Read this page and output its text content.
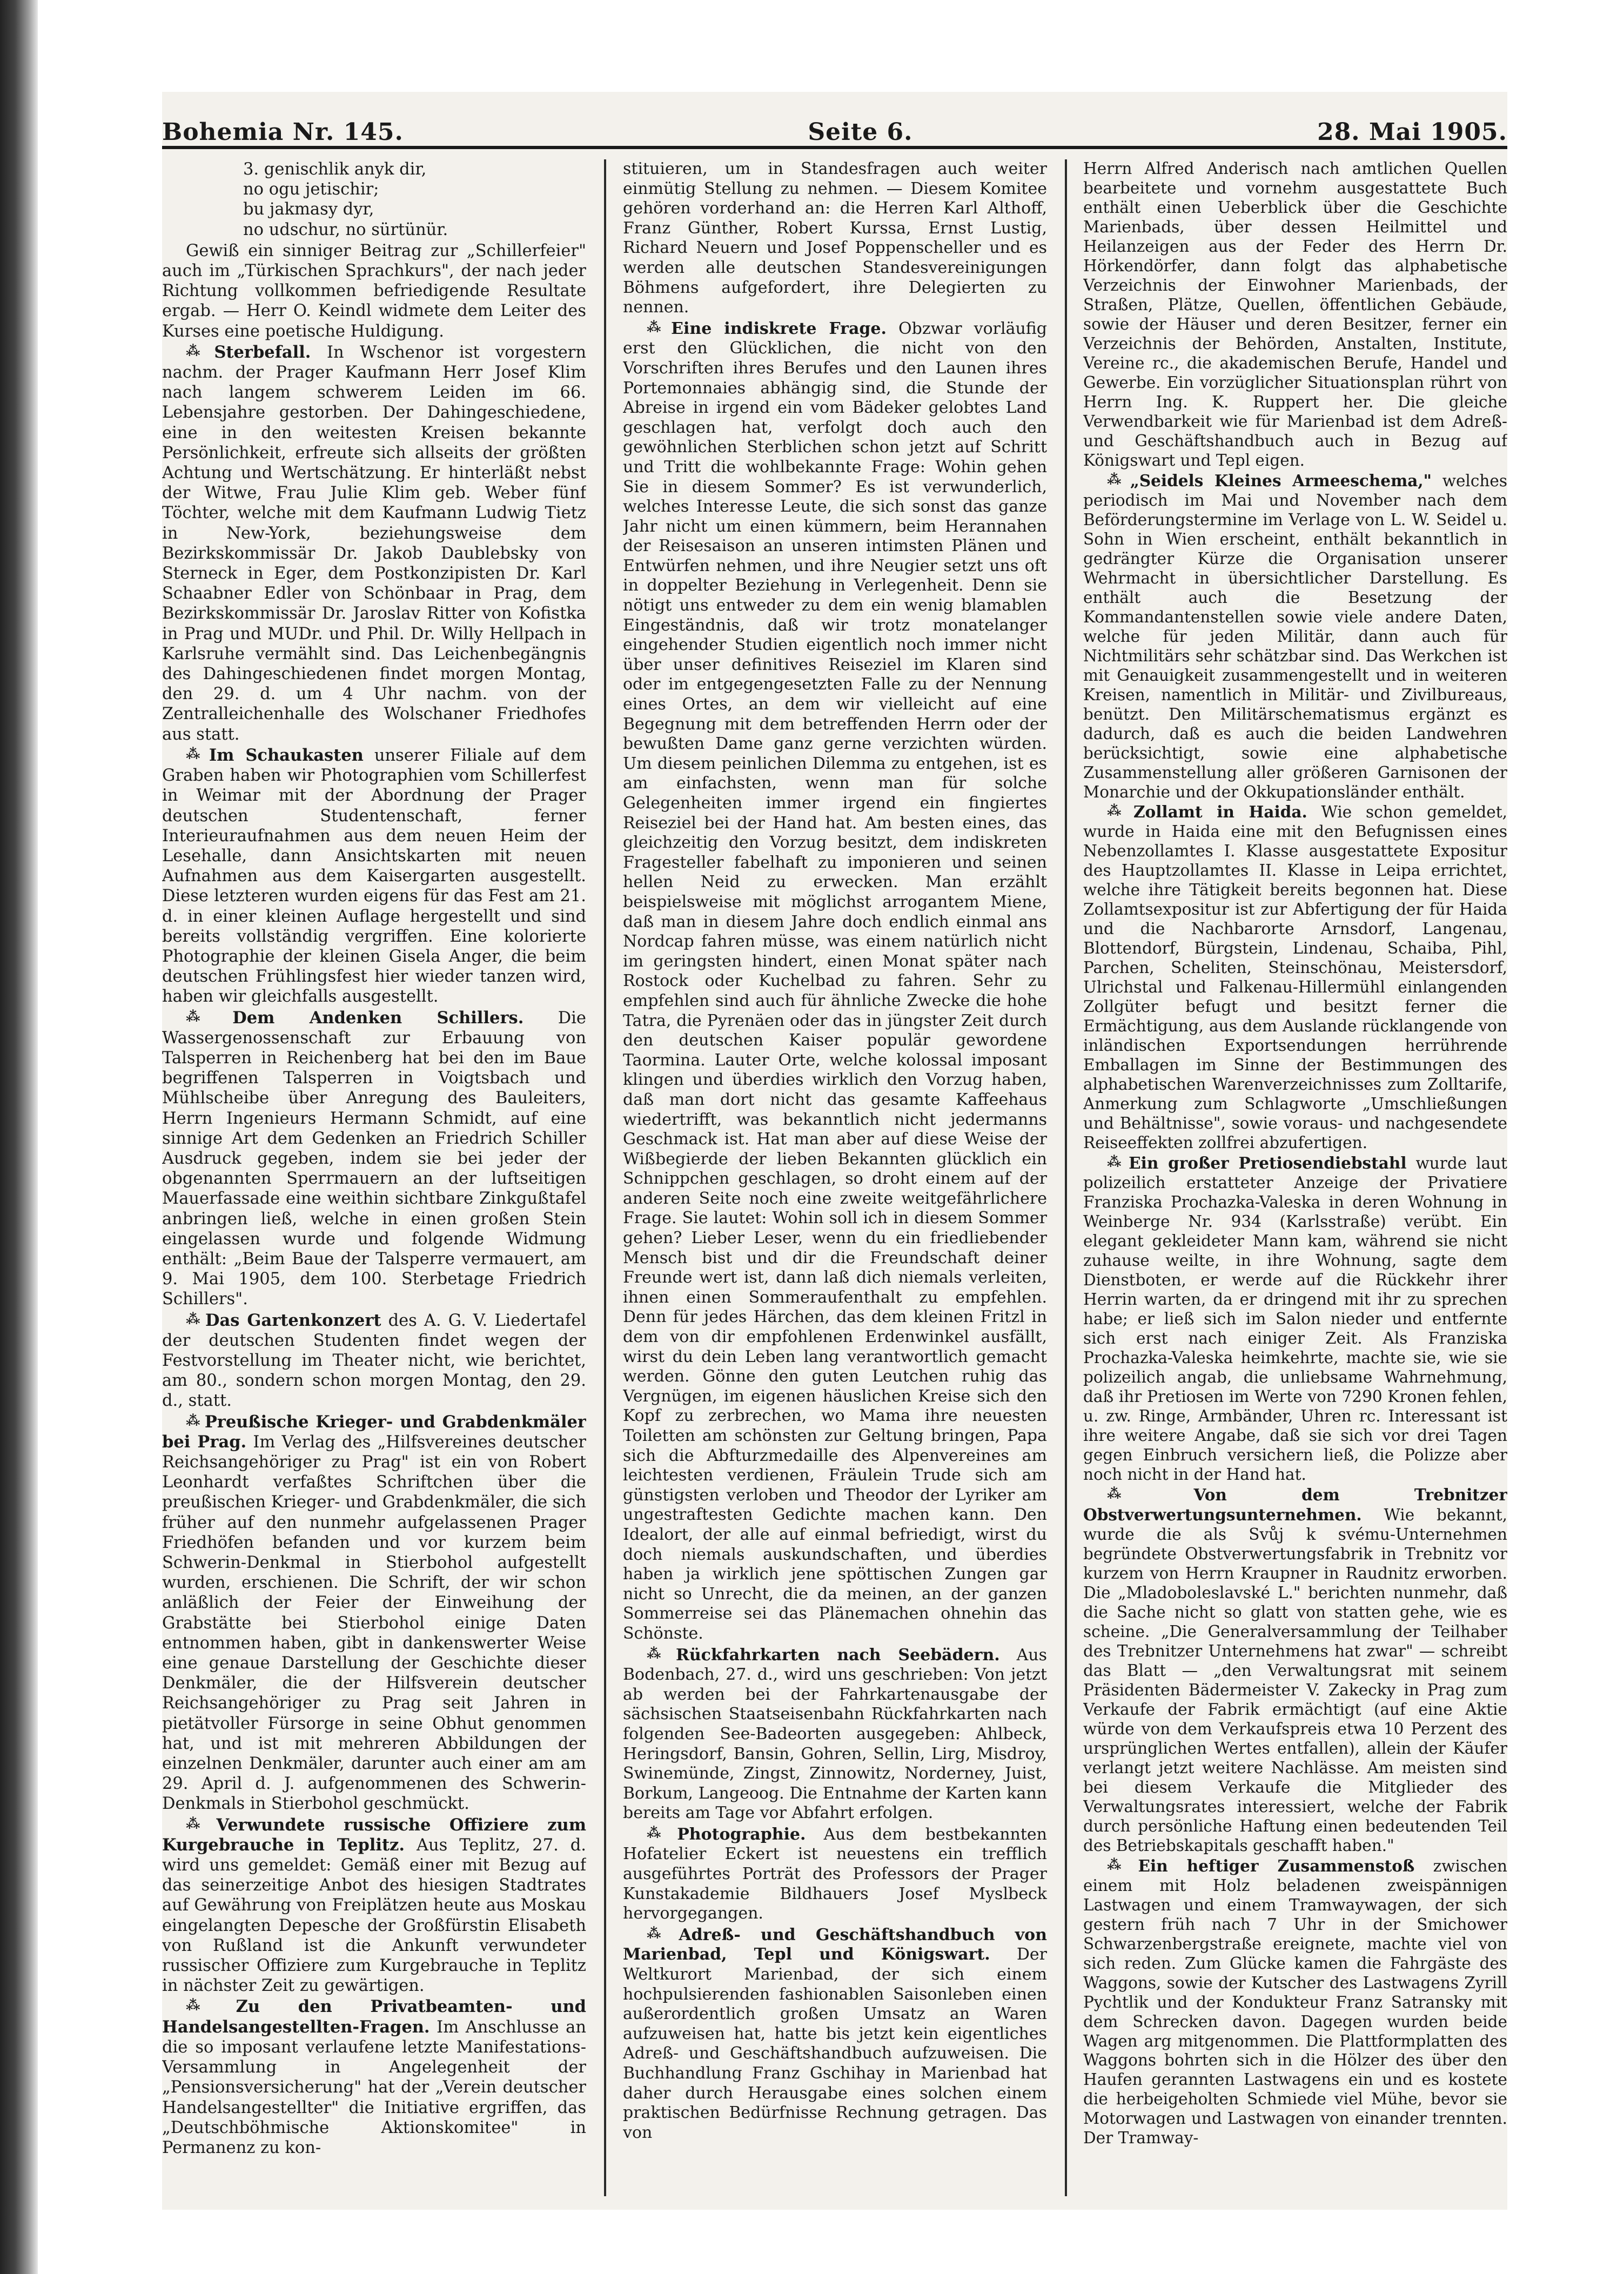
Bohemia Nr. 145.	Seite 6.	28. Mai 1905.

3. genischlik anyk dir,
no ogu jetischir;
bu jakmasy dyr,
no udschur, no sürtünür.

Gewiß ein sinniger Beitrag zur „Schillerfeier" auch im „Türkischen Sprachkurs", der nach jeder Richtung vollkommen befriedigende Resultate ergab. — Herr O. Keindl widmete dem Leiter des Kurses eine poetische Huldigung.

⁂ Sterbefall. In Wschenor ist vorgestern nachm. der Prager Kaufmann Herr Josef Klim nach langem schwerem Leiden im 66. Lebensjahre gestorben. Der Dahingeschiedene, eine in den weitesten Kreisen bekannte Persönlichkeit, erfreute sich allseits der größten Achtung und Wertschätzung. Er hinterläßt nebst der Witwe, Frau Julie Klim geb. Weber fünf Töchter, welche mit dem Kaufmann Ludwig Tietz in New-York, beziehungsweise dem Bezirkskommissär Dr. Jakob Daublebsky von Sterneck in Eger, dem Postkonzipisten Dr. Karl Schaabner Edler von Schönbaar in Prag, dem Bezirkskommissär Dr. Jaroslav Ritter von Kofistka in Prag und MUDr. und Phil. Dr. Willy Hellpach in Karlsruhe vermählt sind. Das Leichenbegängnis des Dahingeschiedenen findet morgen Montag, den 29. d. um 4 Uhr nachm. von der Zentralleichenhalle des Wolschaner Friedhofes aus statt.

⁂ Im Schaukasten unserer Filiale auf dem Graben haben wir Photographien vom Schillerfest in Weimar mit der Abordnung der Prager deutschen Studentenschaft, ferner Interieuraufnahmen aus dem neuen Heim der Lesehalle, dann Ansichtskarten mit neuen Aufnahmen aus dem Kaisergarten ausgestellt. Diese letzteren wurden eigens für das Fest am 21. d. in einer kleinen Auflage hergestellt und sind bereits vollständig vergriffen. Eine kolorierte Photographie der kleinen Gisela Anger, die beim deutschen Frühlingsfest hier wieder tanzen wird, haben wir gleichfalls ausgestellt.

⁂ Dem Andenken Schillers. Die Wassergenossenschaft zur Erbauung von Talsperren in Reichenberg hat bei den im Baue begriffenen Talsperren in Voigtsbach und Mühlscheibe über Anregung des Bauleiters, Herrn Ingenieurs Hermann Schmidt, auf eine sinnige Art dem Gedenken an Friedrich Schiller Ausdruck gegeben, indem sie bei jeder der obgenannten Sperrmauern an der luftseitigen Mauerfassade eine weithin sichtbare Zinkgußtafel anbringen ließ, welche in einen großen Stein eingelassen wurde und folgende Widmung enthält: „Beim Baue der Talsperre vermauert, am 9. Mai 1905, dem 100. Sterbetage Friedrich Schillers".

⁂ Das Gartenkonzert des A. G. V. Liedertafel der deutschen Studenten findet wegen der Festvorstellung im Theater nicht, wie berichtet, am 80., sondern schon morgen Montag, den 29. d., statt.

⁂ Preußische Krieger- und Grabdenkmäler bei Prag. Im Verlag des „Hilfsvereines deutscher Reichsangehöriger zu Prag" ist ein von Robert Leonhardt verfaßtes Schriftchen über die preußischen Krieger- und Grabdenkmäler, die sich früher auf den nunmehr aufgelassenen Prager Friedhöfen befanden und vor kurzem beim Schwerin-Denkmal in Stierbohol aufgestellt wurden, erschienen. Die Schrift, der wir schon anläßlich der Feier der Einweihung der Grabstätte bei Stierbohol einige Daten entnommen haben, gibt in dankenswerter Weise eine genaue Darstellung der Geschichte dieser Denkmäler, die der Hilfsverein deutscher Reichsangehöriger zu Prag seit Jahren in pietätvoller Fürsorge in seine Obhut genommen hat, und ist mit mehreren Abbildungen der einzelnen Denkmäler, darunter auch einer am am 29. April d. J. aufgenommenen des Schwerin-Denkmals in Stierbohol geschmückt.

⁂ Verwundete russische Offiziere zum Kurgebrauche in Teplitz. Aus Teplitz, 27. d. wird uns gemeldet: Gemäß einer mit Bezug auf das seinerzeitige Anbot des hiesigen Stadtrates auf Gewährung von Freiplätzen heute aus Moskau eingelangten Depesche der Großfürstin Elisabeth von Rußland ist die Ankunft verwundeter russischer Offiziere zum Kurgebrauche in Teplitz in nächster Zeit zu gewärtigen.

⁂ Zu den Privatbeamten- und Handelsangestellten-Fragen. Im Anschlusse an die so imposant verlaufene letzte Manifestations-Versammlung in Angelegenheit der „Pensionsversicherung" hat der „Verein deutscher Handelsangestellter" die Initiative ergriffen, das „Deutschböhmische Aktionskomitee" in Permanenz zu kon-

stituieren, um in Standesfragen auch weiter einmütig Stellung zu nehmen. — Diesem Komitee gehören vorderhand an: die Herren Karl Althoff, Franz Günther, Robert Kurssa, Ernst Lustig, Richard Neuern und Josef Poppenscheller und es werden alle deutschen Standesvereinigungen Böhmens aufgefordert, ihre Delegierten zu nennen.

⁂ Eine indiskrete Frage. Obzwar vorläufig erst den Glücklichen, die nicht von den Vorschriften ihres Berufes und den Launen ihres Portemonnaies abhängig sind, die Stunde der Abreise in irgend ein vom Bädeker gelobtes Land geschlagen hat, verfolgt doch auch den gewöhnlichen Sterblichen schon jetzt auf Schritt und Tritt die wohlbekannte Frage: Wohin gehen Sie in diesem Sommer? Es ist verwunderlich, welches Interesse Leute, die sich sonst das ganze Jahr nicht um einen kümmern, beim Herannahen der Reisesaison an unseren intimsten Plänen und Entwürfen nehmen, und ihre Neugier setzt uns oft in doppelter Beziehung in Verlegenheit. Denn sie nötigt uns entweder zu dem ein wenig blamablen Eingeständnis, daß wir trotz monatelanger eingehender Studien eigentlich noch immer nicht über unser definitives Reiseziel im Klaren sind oder im entgegengesetzten Falle zu der Nennung eines Ortes, an dem wir vielleicht auf eine Begegnung mit dem betreffenden Herrn oder der bewußten Dame ganz gerne verzichten würden. Um diesem peinlichen Dilemma zu entgehen, ist es am einfachsten, wenn man für solche Gelegenheiten immer irgend ein fingiertes Reiseziel bei der Hand hat. Am besten eines, das gleichzeitig den Vorzug besitzt, dem indiskreten Fragesteller fabelhaft zu imponieren und seinen hellen Neid zu erwecken. Man erzählt beispielsweise mit möglichst arrogantem Miene, daß man in diesem Jahre doch endlich einmal ans Nordcap fahren müsse, was einem natürlich nicht im geringsten hindert, einen Monat später nach Rostock oder Kuchelbad zu fahren. Sehr zu empfehlen sind auch für ähnliche Zwecke die hohe Tatra, die Pyrenäen oder das in jüngster Zeit durch den deutschen Kaiser populär gewordene Taormina. Lauter Orte, welche kolossal imposant klingen und überdies wirklich den Vorzug haben, daß man dort nicht das gesamte Kaffeehaus wiedertrifft, was bekanntlich nicht jedermanns Geschmack ist. Hat man aber auf diese Weise der Wißbegierde der lieben Bekannten glücklich ein Schnippchen geschlagen, so droht einem auf der anderen Seite noch eine zweite weitgefährlichere Frage. Sie lautet: Wohin soll ich in diesem Sommer gehen? Lieber Leser, wenn du ein friedliebender Mensch bist und dir die Freundschaft deiner Freunde wert ist, dann laß dich niemals verleiten, ihnen einen Sommeraufenthalt zu empfehlen. Denn für jedes Härchen, das dem kleinen Fritzl in dem von dir empfohlenen Erdenwinkel ausfällt, wirst du dein Leben lang verantwortlich gemacht werden. Gönne den guten Leutchen ruhig das Vergnügen, im eigenen häuslichen Kreise sich den Kopf zu zerbrechen, wo Mama ihre neuesten Toiletten am schönsten zur Geltung bringen, Papa sich die Abfturzmedaille des Alpenvereines am leichtesten verdienen, Fräulein Trude sich am günstigsten verloben und Theodor der Lyriker am ungestraftesten Gedichte machen kann. Den Idealort, der alle auf einmal befriedigt, wirst du doch niemals auskundschaften, und überdies haben ja wirklich jene spöttischen Zungen gar nicht so Unrecht, die da meinen, an der ganzen Sommerreise sei das Plänemachen ohnehin das Schönste.

⁂ Rückfahrkarten nach Seebädern. Aus Bodenbach, 27. d., wird uns geschrieben: Von jetzt ab werden bei der Fahrkartenausgabe der sächsischen Staatseisenbahn Rückfahrkarten nach folgenden See-Badeorten ausgegeben: Ahlbeck, Heringsdorf, Bansin, Gohren, Sellin, Lirg, Misdroy, Swinemünde, Zingst, Zinnowitz, Norderney, Juist, Borkum, Langeoog. Die Entnahme der Karten kann bereits am Tage vor Abfahrt erfolgen.

⁂ Photographie. Aus dem bestbekannten Hofatelier Eckert ist neuestens ein trefflich ausgeführtes Porträt des Professors der Prager Kunstakademie Bildhauers Josef Myslbeck hervorgegangen.

⁂ Adreß- und Geschäftshandbuch von Marienbad, Tepl und Königswart. Der Weltkurort Marienbad, der sich einem hochpulsierenden fashionablen Saisonleben einen außerordentlich großen Umsatz an Waren aufzuweisen hat, hatte bis jetzt kein eigentliches Adreß- und Geschäftshandbuch aufzuweisen. Die Buchhandlung Franz Gschihay in Marienbad hat daher durch Herausgabe eines solchen einem praktischen Bedürfnisse Rechnung getragen. Das von

Herrn Alfred Anderisch nach amtlichen Quellen bearbeitete und vornehm ausgestattete Buch enthält einen Ueberblick über die Geschichte Marienbads, über dessen Heilmittel und Heilanzeigen aus der Feder des Herrn Dr. Hörkendörfer, dann folgt das alphabetische Verzeichnis der Einwohner Marienbads, der Straßen, Plätze, Quellen, öffentlichen Gebäude, sowie der Häuser und deren Besitzer, ferner ein Verzeichnis der Behörden, Anstalten, Institute, Vereine rc., die akademischen Berufe, Handel und Gewerbe. Ein vorzüglicher Situationsplan rührt von Herrn Ing. K. Ruppert her. Die gleiche Verwendbarkeit wie für Marienbad ist dem Adreß- und Geschäftshandbuch auch in Bezug auf Königswart und Tepl eigen.

⁂ „Seidels Kleines Armeeschema," welches periodisch im Mai und November nach dem Beförderungstermine im Verlage von L. W. Seidel u. Sohn in Wien erscheint, enthält bekanntlich in gedrängter Kürze die Organisation unserer Wehrmacht in übersichtlicher Darstellung. Es enthält auch die Besetzung der Kommandantenstellen sowie viele andere Daten, welche für jeden Militär, dann auch für Nichtmilitärs sehr schätzbar sind. Das Werkchen ist mit Genauigkeit zusammengestellt und in weiteren Kreisen, namentlich in Militär- und Zivilbureaus, benützt. Den Militärschematismus ergänzt es dadurch, daß es auch die beiden Landwehren berücksichtigt, sowie eine alphabetische Zusammenstellung aller größeren Garnisonen der Monarchie und der Okkupationsländer enthält.

⁂ Zollamt in Haida. Wie schon gemeldet, wurde in Haida eine mit den Befugnissen eines Nebenzollamtes I. Klasse ausgestattete Expositur des Hauptzollamtes II. Klasse in Leipa errichtet, welche ihre Tätigkeit bereits begonnen hat. Diese Zollamtsexpositur ist zur Abfertigung der für Haida und die Nachbarorte Arnsdorf, Langenau, Blottendorf, Bürgstein, Lindenau, Schaiba, Pihl, Parchen, Scheliten, Steinschönau, Meistersdorf, Ulrichstal und Falkenau-Hillermühl einlangenden Zollgüter befugt und besitzt ferner die Ermächtigung, aus dem Auslande rücklangende von inländischen Exportsendungen herrührende Emballagen im Sinne der Bestimmungen des alphabetischen Warenverzeichnisses zum Zolltarife, Anmerkung zum Schlagworte „Umschließungen und Behältnisse", sowie voraus- und nachgesendete Reiseeffekten zollfrei abzufertigen.

⁂ Ein großer Pretiosendiebstahl wurde laut polizeilich erstatteter Anzeige der Privatiere Franziska Prochazka-Valeska in deren Wohnung in Weinberge Nr. 934 (Karlsstraße) verübt. Ein elegant gekleideter Mann kam, während sie nicht zuhause weilte, in ihre Wohnung, sagte dem Dienstboten, er werde auf die Rückkehr ihrer Herrin warten, da er dringend mit ihr zu sprechen habe; er ließ sich im Salon nieder und entfernte sich erst nach einiger Zeit. Als Franziska Prochazka-Valeska heimkehrte, machte sie, wie sie polizeilich angab, die unliebsame Wahrnehmung, daß ihr Pretiosen im Werte von 7290 Kronen fehlen, u. zw. Ringe, Armbänder, Uhren rc. Interessant ist ihre weitere Angabe, daß sie sich vor drei Tagen gegen Einbruch versichern ließ, die Polizze aber noch nicht in der Hand hat.

⁂ Von dem Trebnitzer Obstverwertungsunternehmen. Wie bekannt, wurde die als Svůj k svému-Unternehmen begründete Obstverwertungsfabrik in Trebnitz vor kurzem von Herrn Kraupner in Raudnitz erworben. Die „Mladoboleslavské L." berichten nunmehr, daß die Sache nicht so glatt von statten gehe, wie es scheine. „Die Generalversammlung der Teilhaber des Trebnitzer Unternehmens hat zwar" — schreibt das Blatt — „den Verwaltungsrat mit seinem Präsidenten Bädermeister V. Zakecky in Prag zum Verkaufe der Fabrik ermächtigt (auf eine Aktie würde von dem Verkaufspreis etwa 10 Perzent des ursprünglichen Wertes entfallen), allein der Käufer verlangt jetzt weitere Nachlässe. Am meisten sind bei diesem Verkaufe die Mitglieder des Verwaltungsrates interessiert, welche der Fabrik durch persönliche Haftung einen bedeutenden Teil des Betriebskapitals geschafft haben."

⁂ Ein heftiger Zusammenstoß zwischen einem mit Holz beladenen zweispännigen Lastwagen und einem Tramwaywagen, der sich gestern früh nach 7 Uhr in der Smichower Schwarzenbergstraße ereignete, machte viel von sich reden. Zum Glücke kamen die Fahrgäste des Waggons, sowie der Kutscher des Lastwagens Zyrill Pychtlik und der Kondukteur Franz Satransky mit dem Schrecken davon. Dagegen wurden beide Wagen arg mitgenommen. Die Plattformplatten des Waggons bohrten sich in die Hölzer des über den Haufen gerannten Lastwagens ein und es kostete die herbeigeholten Schmiede viel Mühe, bevor sie Motorwagen und Lastwagen von einander trennten. Der Tramway-
